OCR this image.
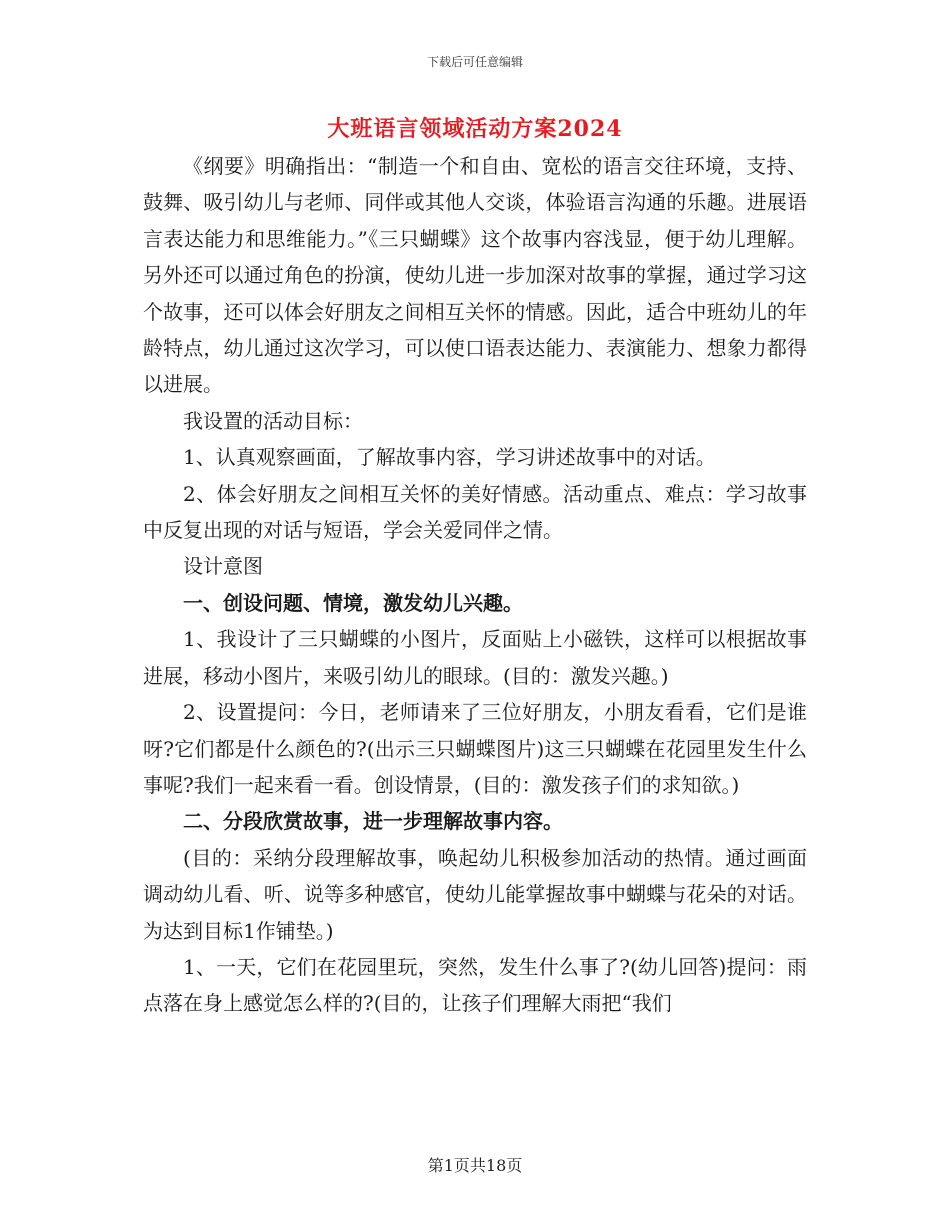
下载后可任意编辑
大班语言领域活动方案2024

《纲要》明确指出：“制造一个和自由、宽松的语言交往环境，支持、鼓舞、吸引幼儿与老师、同伴或其他人交谈，体验语言沟通的乐趣。进展语言表达能力和思维能力。”《三只蝴蝶》这个故事内容浅显，便于幼儿理解。另外还可以通过角色的扮演，使幼儿进一步加深对故事的掌握，通过学习这个故事，还可以体会好朋友之间相互关怀的情感。因此，适合中班幼儿的年龄特点，幼儿通过这次学习，可以使口语表达能力、表演能力、想象力都得以进展。

我设置的活动目标：

1、认真观察画面，了解故事内容，学习讲述故事中的对话。

2、体会好朋友之间相互关怀的美好情感。活动重点、难点：学习故事中反复出现的对话与短语，学会关爱同伴之情。

设计意图

一、创设问题、情境，激发幼儿兴趣。

1、我设计了三只蝴蝶的小图片，反面贴上小磁铁，这样可以根据故事进展，移动小图片，来吸引幼儿的眼球。(目的：激发兴趣。)

2、设置提问：今日，老师请来了三位好朋友，小朋友看看，它们是谁呀?它们都是什么颜色的?(出示三只蝴蝶图片)这三只蝴蝶在花园里发生什么事呢?我们一起来看一看。创设情景，(目的：激发孩子们的求知欲。)

二、分段欣赏故事，进一步理解故事内容。

(目的：采纳分段理解故事，唤起幼儿积极参加活动的热情。通过画面调动幼儿看、听、说等多种感官，使幼儿能掌握故事中蝴蝶与花朵的对话。为达到目标1作铺垫。)

1、一天，它们在花园里玩，突然，发生什么事了?(幼儿回答)提问：雨点落在身上感觉怎么样的?(目的，让孩子们理解大雨把“我们

第1页共18页
